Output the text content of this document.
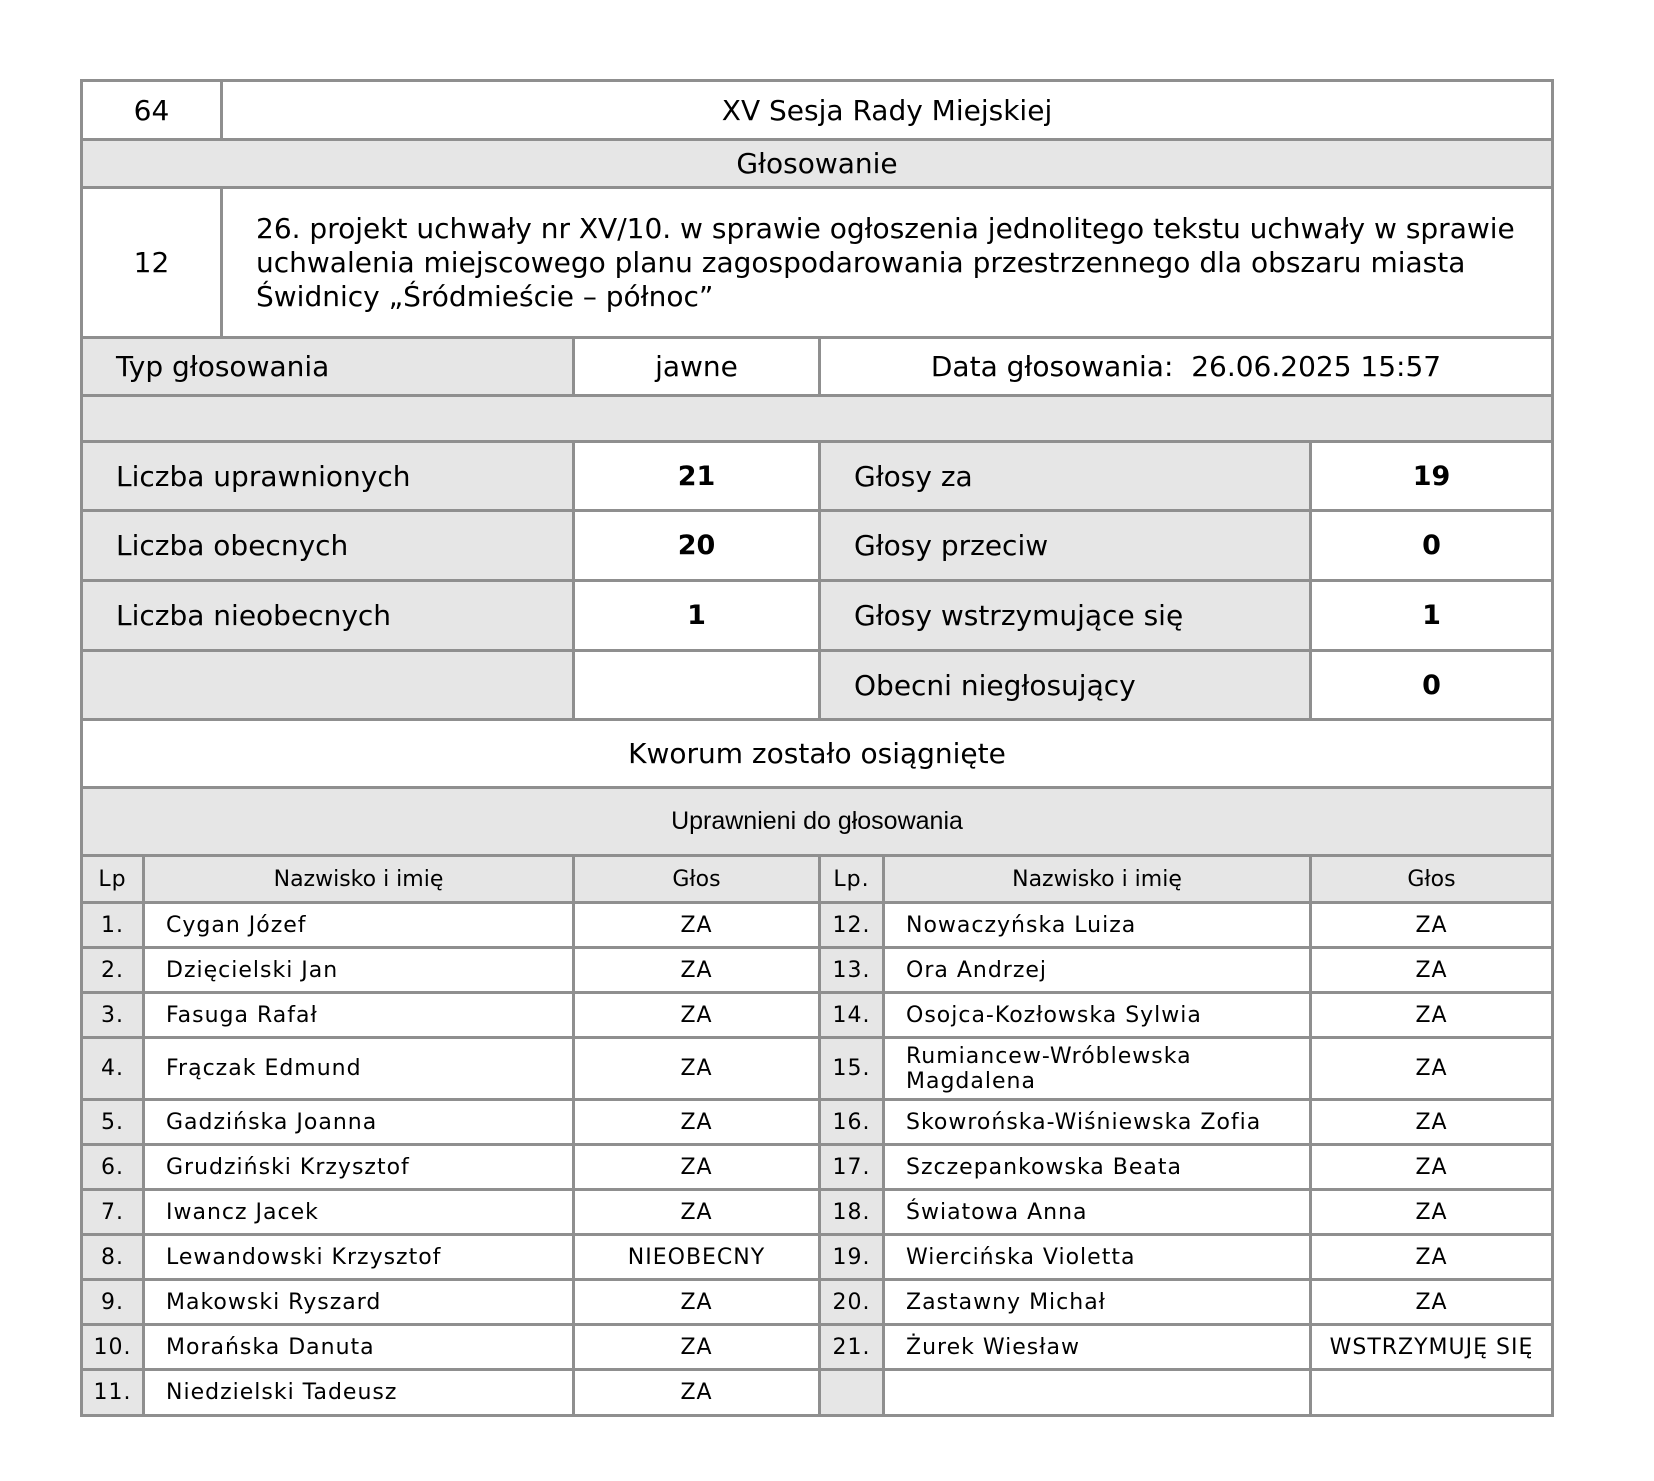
64	XV Sesja Rady Miejskiej
Głosowanie	
12	26. projekt uchwały nr XV/10. w sprawie ogłoszenia jednolitego tekstu uchwały w sprawie uchwalenia miejscowego planu zagospodarowania przestrzennego dla obszaru miasta Świdnicy „Śródmieście – północ”
Typ głosowania	jawne	Data głosowania: 26.06.2025 15:57	

Liczba uprawnionych	21	Głosy za	19
Liczba obecnych	20	Głosy przeciw	0
Liczba nieobecnych	1	Głosy wstrzymujące się	1
		Obecni niegłosujący	0
Kworum zostało osiągnięte			
Uprawnieni do głosowania			
Lp	Nazwisko i imię	Głos	Lp.	Nazwisko i imię	Głos
1.	Cygan Józef	ZA	12.	Nowaczyńska Luiza	ZA
2.	Dzięcielski Jan	ZA	13.	Ora Andrzej	ZA
3.	Fasuga Rafał	ZA	14.	Osojca-Kozłowska Sylwia	ZA
4.	Frączak Edmund	ZA	15.	Rumiancew-Wróblewska Magdalena	ZA
5.	Gadzińska Joanna	ZA	16.	Skowrońska-Wiśniewska Zofia	ZA
6.	Grudziński Krzysztof	ZA	17.	Szczepankowska Beata	ZA
7.	Iwancz Jacek	ZA	18.	Światowa Anna	ZA
8.	Lewandowski Krzysztof	NIEOBECNY	19.	Wiercińska Violetta	ZA
9.	Makowski Ryszard	ZA	20.	Zastawny Michał	ZA
10.	Morańska Danuta	ZA	21.	Żurek Wiesław	WSTRZYMUJĘ SIĘ
11.	Niedzielski Tadeusz	ZA			
